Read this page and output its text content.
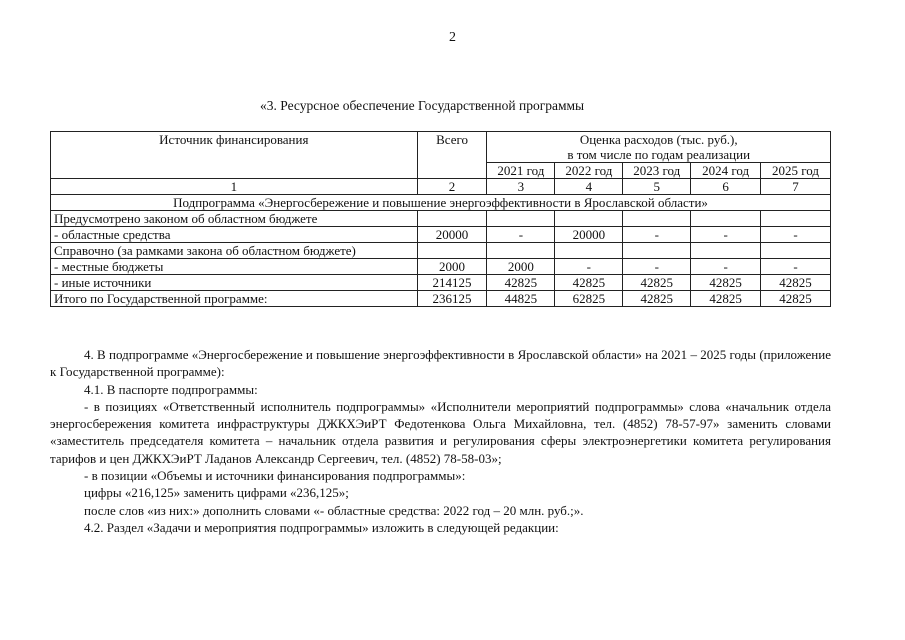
2
«3. Ресурсное обеспечение Государственной программы
Источник финансирования	Всего	Оценка расходов (тыс. руб.),
в том числе по годам реализации				

		2021 год	2022 год	2023 год	2024 год	2025 год
1	2	3	4	5	6	7
Подпрограмма «Энергосбережение и повышение энергоэффективности в Ярославской области»						
Предусмотрено законом об областном бюджете						
- областные средства	20000	-	20000	-	-	-
Справочно (за рамками закона об областном бюджете)						
- местные бюджеты	2000	2000	-	-	-	-
- иные источники	214125	42825	42825	42825	42825	42825
Итого по Государственной программе:	236125	44825	62825	42825	42825	42825

4. В подпрограмме «Энергосбережение и повышение энергоэффективности в Ярославской области» на 2021 – 2025 годы (приложение к Государственной программе):

4.1. В паспорте подпрограммы:

- в позициях «Ответственный исполнитель подпрограммы» «Исполнители мероприятий подпрограммы» слова «начальник отдела энергосбережения комитета инфраструктуры ДЖКХЭиРТ Федотенкова Ольга Михайловна, тел. (4852) 78-57-97» заменить словами «заместитель председателя комитета – начальник отдела развития и регулирования сферы электроэнергетики комитета регулирования тарифов и цен ДЖКХЭиРТ Ладанов Александр Сергеевич, тел. (4852) 78-58-03»;

- в позиции «Объемы и источники финансирования подпрограммы»:

цифры «216,125» заменить цифрами «236,125»;

после слов «из них:» дополнить словами «- областные средства: 2022 год – 20 млн. руб.;».

4.2. Раздел «Задачи и мероприятия подпрограммы» изложить в следующей редакции:
